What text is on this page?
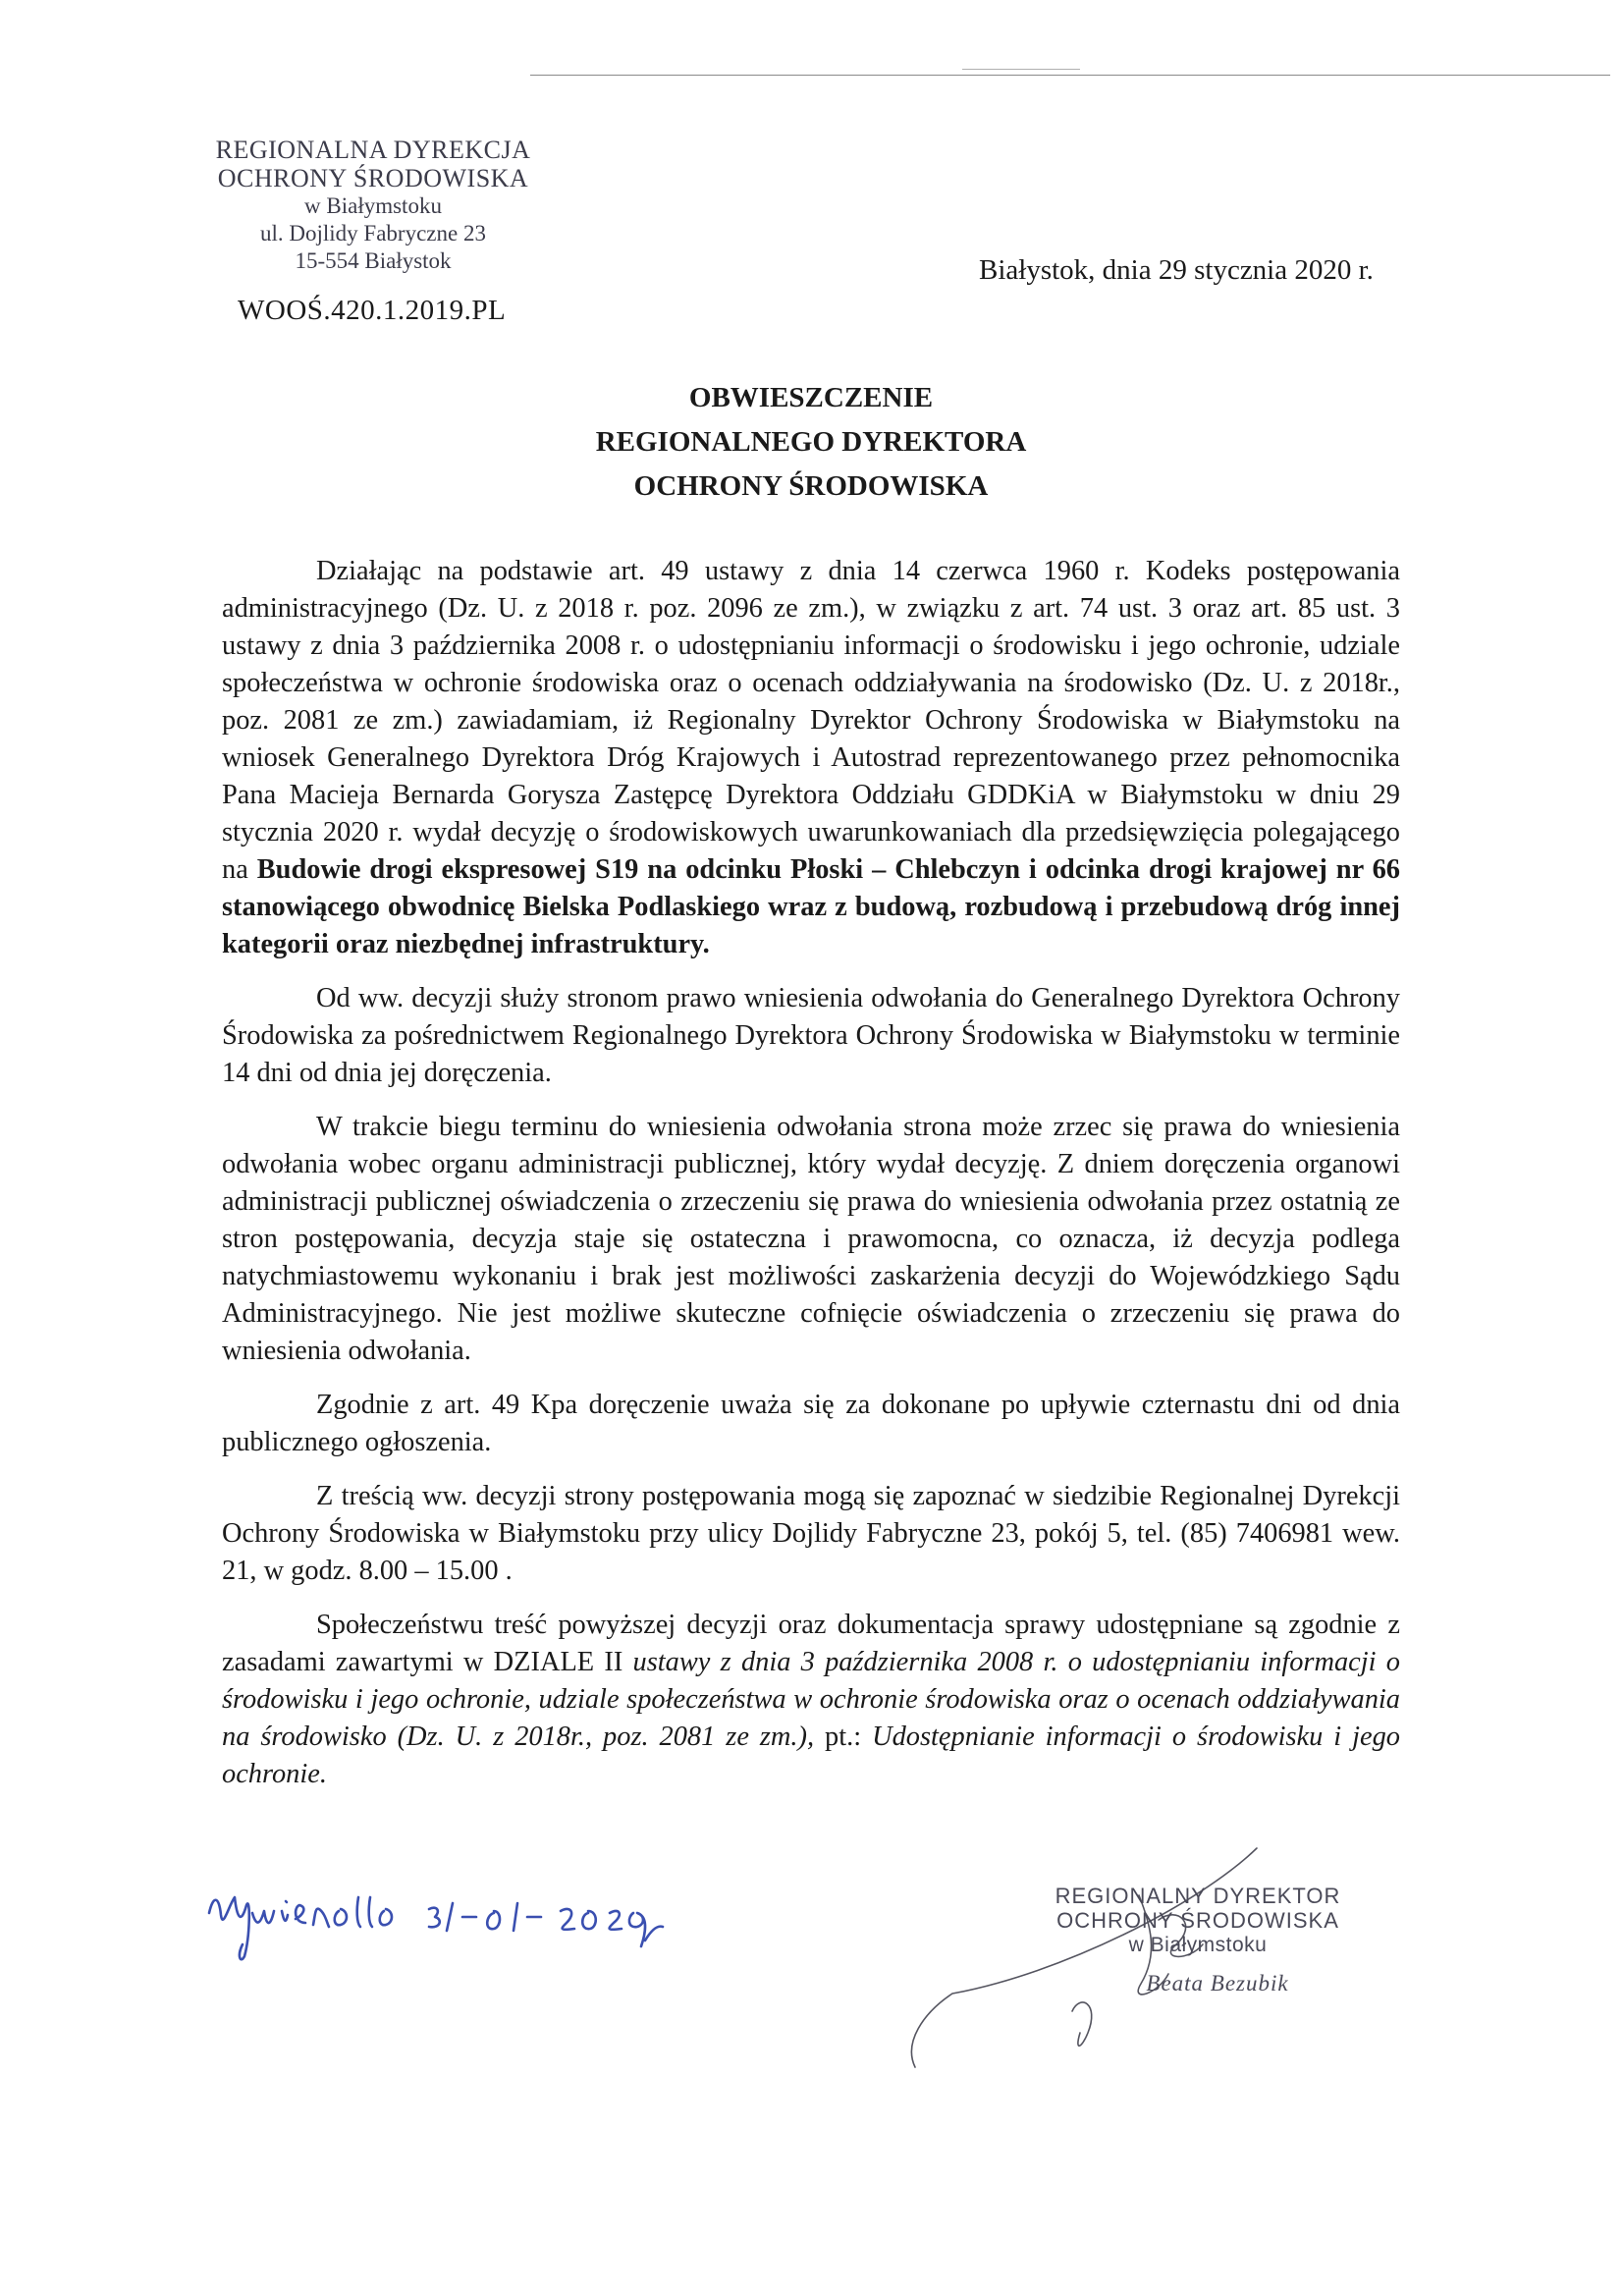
REGIONALNA DYREKCJA
OCHRONY ŚRODOWISKA
w Białymstoku
ul. Dojlidy Fabryczne 23
15-554 Białystok
WOOŚ.420.1.2019.PL
Białystok, dnia 29 stycznia 2020 r.
OBWIESZCZENIE
REGIONALNEGO DYREKTORA
OCHRONY ŚRODOWISKA

Działając na podstawie art. 49 ustawy z dnia 14 czerwca 1960 r. Kodeks postępowania administracyjnego (Dz. U. z 2018 r. poz. 2096 ze zm.), w związku z art. 74 ust. 3 oraz art. 85 ust. 3 ustawy z dnia 3 października 2008 r. o udostępnianiu informacji o środowisku i jego ochronie, udziale społeczeństwa w ochronie środowiska oraz o ocenach oddziaływania na środowisko (Dz. U. z 2018r., poz. 2081 ze zm.) zawiadamiam, iż Regionalny Dyrektor Ochrony Środowiska w Białymstoku na wniosek Generalnego Dyrektora Dróg Krajowych i Autostrad reprezentowanego przez pełnomocnika Pana Macieja Bernarda Gorysza Zastępcę Dyrektora Oddziału GDDKiA w Białymstoku w dniu 29 stycznia 2020 r. wydał decyzję o środowiskowych uwarunkowaniach dla przedsięwzięcia polegającego na Budowie drogi ekspresowej S19 na odcinku Płoski – Chlebczyn i odcinka drogi krajowej nr 66 stanowiącego obwodnicę Bielska Podlaskiego wraz z budową, rozbudową i przebudową dróg innej kategorii oraz niezbędnej infrastruktury.

Od ww. decyzji służy stronom prawo wniesienia odwołania do Generalnego Dyrektora Ochrony Środowiska za pośrednictwem Regionalnego Dyrektora Ochrony Środowiska w Białymstoku w terminie 14 dni od dnia jej doręczenia.

W trakcie biegu terminu do wniesienia odwołania strona może zrzec się prawa do wniesienia odwołania wobec organu administracji publicznej, który wydał decyzję. Z dniem doręczenia organowi administracji publicznej oświadczenia o zrzeczeniu się prawa do wniesienia odwołania przez ostatnią ze stron postępowania, decyzja staje się ostateczna i prawomocna, co oznacza, iż decyzja podlega natychmiastowemu wykonaniu i brak jest możliwości zaskarżenia decyzji do Wojewódzkiego Sądu Administracyjnego. Nie jest możliwe skuteczne cofnięcie oświadczenia o zrzeczeniu się prawa do wniesienia odwołania.

Zgodnie z art. 49 Kpa doręczenie uważa się za dokonane po upływie czternastu dni od dnia publicznego ogłoszenia.

Z treścią ww. decyzji strony postępowania mogą się zapoznać w siedzibie Regionalnej Dyrekcji Ochrony Środowiska w Białymstoku przy ulicy Dojlidy Fabryczne 23, pokój 5, tel. (85) 7406981 wew. 21, w godz. 8.00 – 15.00 .

Społeczeństwu treść powyższej decyzji oraz dokumentacja sprawy udostępniane są zgodnie z zasadami zawartymi w DZIALE II ustawy z dnia 3 października 2008 r. o udostępnianiu informacji o środowisku i jego ochronie, udziale społeczeństwa w ochronie środowiska oraz o ocenach oddziaływania na środowisko (Dz. U. z 2018r., poz. 2081 ze zm.), pt.: Udostępnianie informacji o środowisku i jego ochronie.

REGIONALNY DYREKTOR
OCHRONY ŚRODOWISKA
w Białymstoku
Beata Bezubik
